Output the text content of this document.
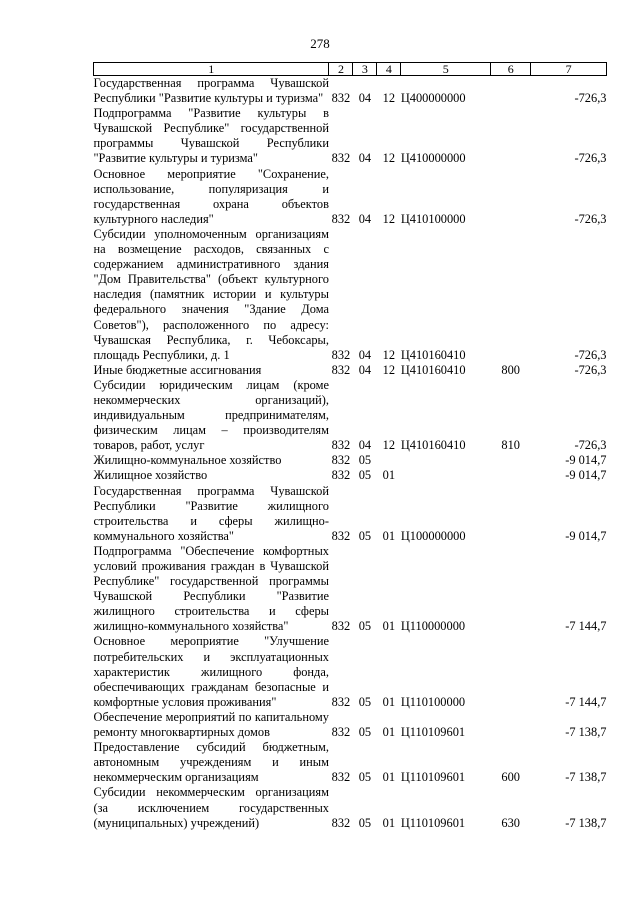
278
1	2	3	4	5	6	7
Государственная программа Чувашской Республики "Развитие культуры и туризма"	832	04	12	Ц400000000		-726,3
Подпрограмма "Развитие культуры в Чувашской Республике" государственной программы Чувашской Республики "Развитие культуры и туризма"	832	04	12	Ц410000000		-726,3
Основное мероприятие "Сохранение, использование, популяризация и государственная охрана объектов культурного наследия"	832	04	12	Ц410100000		-726,3
Субсидии уполномоченным организациям на возмещение расходов, связанных с содержанием административного здания "Дом Правительства" (объект культурного наследия (памятник истории и культуры федерального значения "Здание Дома Советов"), расположенного по адресу: Чувашская Республика, г. Чебоксары, площадь Республики, д. 1	832	04	12	Ц410160410		-726,3
Иные бюджетные ассигнования	832	04	12	Ц410160410	800	-726,3
Субсидии юридическим лицам (кроме некоммерческих организаций), индивидуальным предпринимателям, физическим лицам – производителям товаров, работ, услуг	832	04	12	Ц410160410	810	-726,3
Жилищно-коммунальное хозяйство	832	05				-9 014,7
Жилищное хозяйство	832	05	01			-9 014,7
Государственная программа Чувашской Республики "Развитие жилищного строительства и сферы жилищно-коммунального хозяйства"	832	05	01	Ц100000000		-9 014,7
Подпрограмма "Обеспечение комфортных условий проживания граждан в Чувашской Республике" государственной программы Чувашской Республики "Развитие жилищного строительства и сферы жилищно-коммунального хозяйства"	832	05	01	Ц110000000		-7 144,7
Основное мероприятие "Улучшение потребительских и эксплуатационных характеристик жилищного фонда, обеспечивающих гражданам безопасные и комфортные условия проживания"	832	05	01	Ц110100000		-7 144,7
Обеспечение мероприятий по капитальному ремонту многоквартирных домов	832	05	01	Ц110109601		-7 138,7
Предоставление субсидий бюджетным, автономным учреждениям и иным некоммерческим организациям	832	05	01	Ц110109601	600	-7 138,7
Субсидии некоммерческим организациям (за исключением государственных (муниципальных) учреждений)	832	05	01	Ц110109601	630	-7 138,7
